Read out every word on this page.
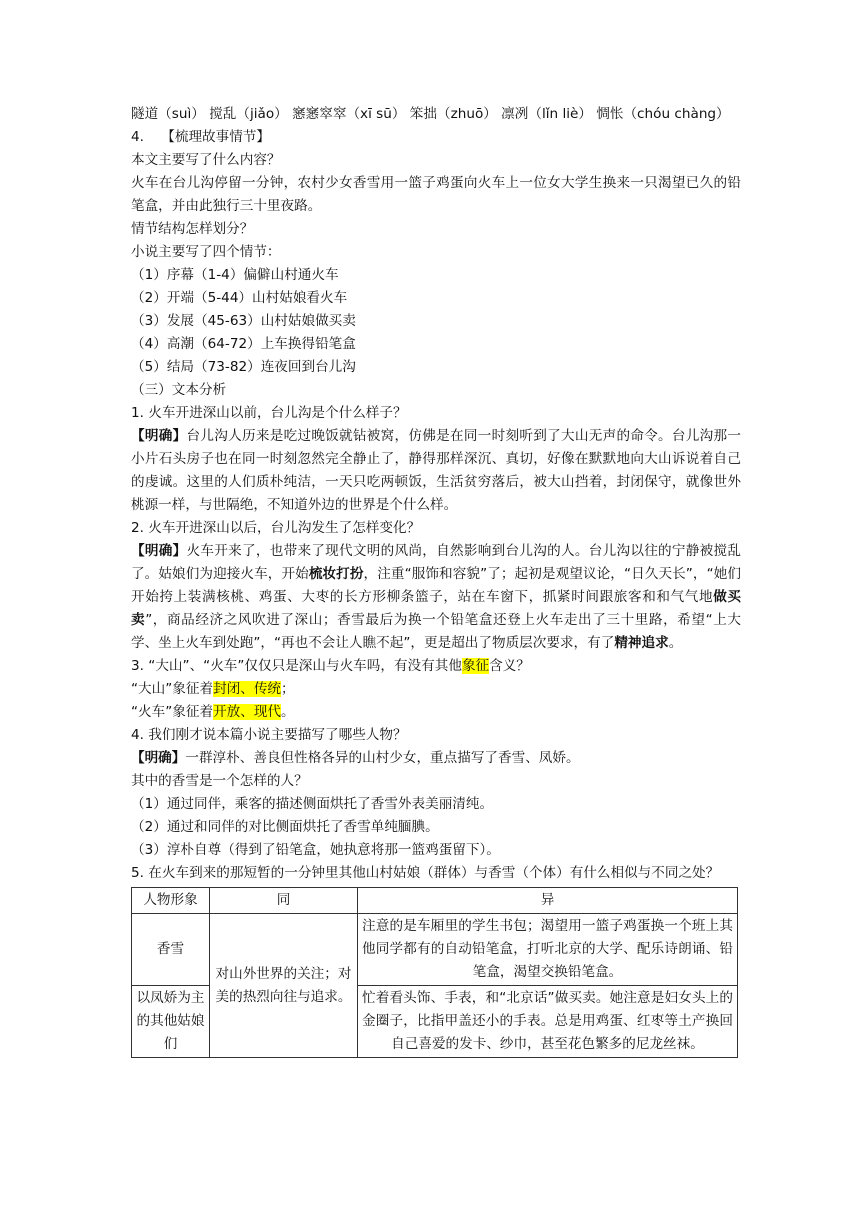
隧道（suì） 搅乱（jiǎo） 窸窸窣窣（xī sū） 笨拙（zhuō） 凛冽（lǐn liè） 惆怅（chóu chàng）
4. 【梳理故事情节】
本文主要写了什么内容？
火车在台儿沟停留一分钟，农村少女香雪用一篮子鸡蛋向火车上一位女大学生换来一只渴望已久的铅笔盒，并由此独行三十里夜路。
情节结构怎样划分？
小说主要写了四个情节：
（1）序幕（1-4）偏僻山村通火车
（2）开端（5-44）山村姑娘看火车
（3）发展（45-63）山村姑娘做买卖
（4）高潮（64-72）上车换得铅笔盒
（5）结局（73-82）连夜回到台儿沟
（三）文本分析
1. 火车开进深山以前，台儿沟是个什么样子？
【明确】台儿沟人历来是吃过晚饭就钻被窝，仿佛是在同一时刻听到了大山无声的命令。台儿沟那一小片石头房子也在同一时刻忽然完全静止了，静得那样深沉、真切，好像在默默地向大山诉说着自己的虔诚。这里的人们质朴纯洁，一天只吃两顿饭，生活贫穷落后，被大山挡着，封闭保守，就像世外桃源一样，与世隔绝，不知道外边的世界是个什么样。
2. 火车开进深山以后，台儿沟发生了怎样变化？
【明确】火车开来了，也带来了现代文明的风尚，自然影响到台儿沟的人。台儿沟以往的宁静被搅乱了。姑娘们为迎接火车，开始梳妆打扮，注重“服饰和容貌”了；起初是观望议论，“日久天长”，“她们开始挎上装满核桃、鸡蛋、大枣的长方形柳条篮子，站在车窗下，抓紧时间跟旅客和和气气地做买卖”，商品经济之风吹进了深山；香雪最后为换一个铅笔盒还登上火车走出了三十里路，希望“上大学、坐上火车到处跑”，“再也不会让人瞧不起”，更是超出了物质层次要求，有了精神追求。
3. “大山”、“火车”仅仅只是深山与火车吗，有没有其他象征含义？
“大山”象征着封闭、传统；
“火车”象征着开放、现代。
4. 我们刚才说本篇小说主要描写了哪些人物？
【明确】一群淳朴、善良但性格各异的山村少女，重点描写了香雪、凤娇。
其中的香雪是一个怎样的人？
（1）通过同伴，乘客的描述侧面烘托了香雪外表美丽清纯。
（2）通过和同伴的对比侧面烘托了香雪单纯腼腆。
（3）淳朴自尊（得到了铅笔盒，她执意将那一篮鸡蛋留下）。
5. 在火车到来的那短暂的一分钟里其他山村姑娘（群体）与香雪（个体）有什么相似与不同之处？
人物形象	同	异
香雪	对山外世界的关注；对美的热烈向往与追求。	注意的是车厢里的学生书包；渴望用一篮子鸡蛋换一个班上其他同学都有的自动铅笔盒，打听北京的大学、配乐诗朗诵、铅笔盒，渴望交换铅笔盒。
以凤娇为主的其他姑娘们		忙着看头饰、手表，和“北京话”做买卖。她注意是妇女头上的金圈子，比指甲盖还小的手表。总是用鸡蛋、红枣等土产换回自己喜爱的发卡、纱巾，甚至花色繁多的尼龙丝袜。
